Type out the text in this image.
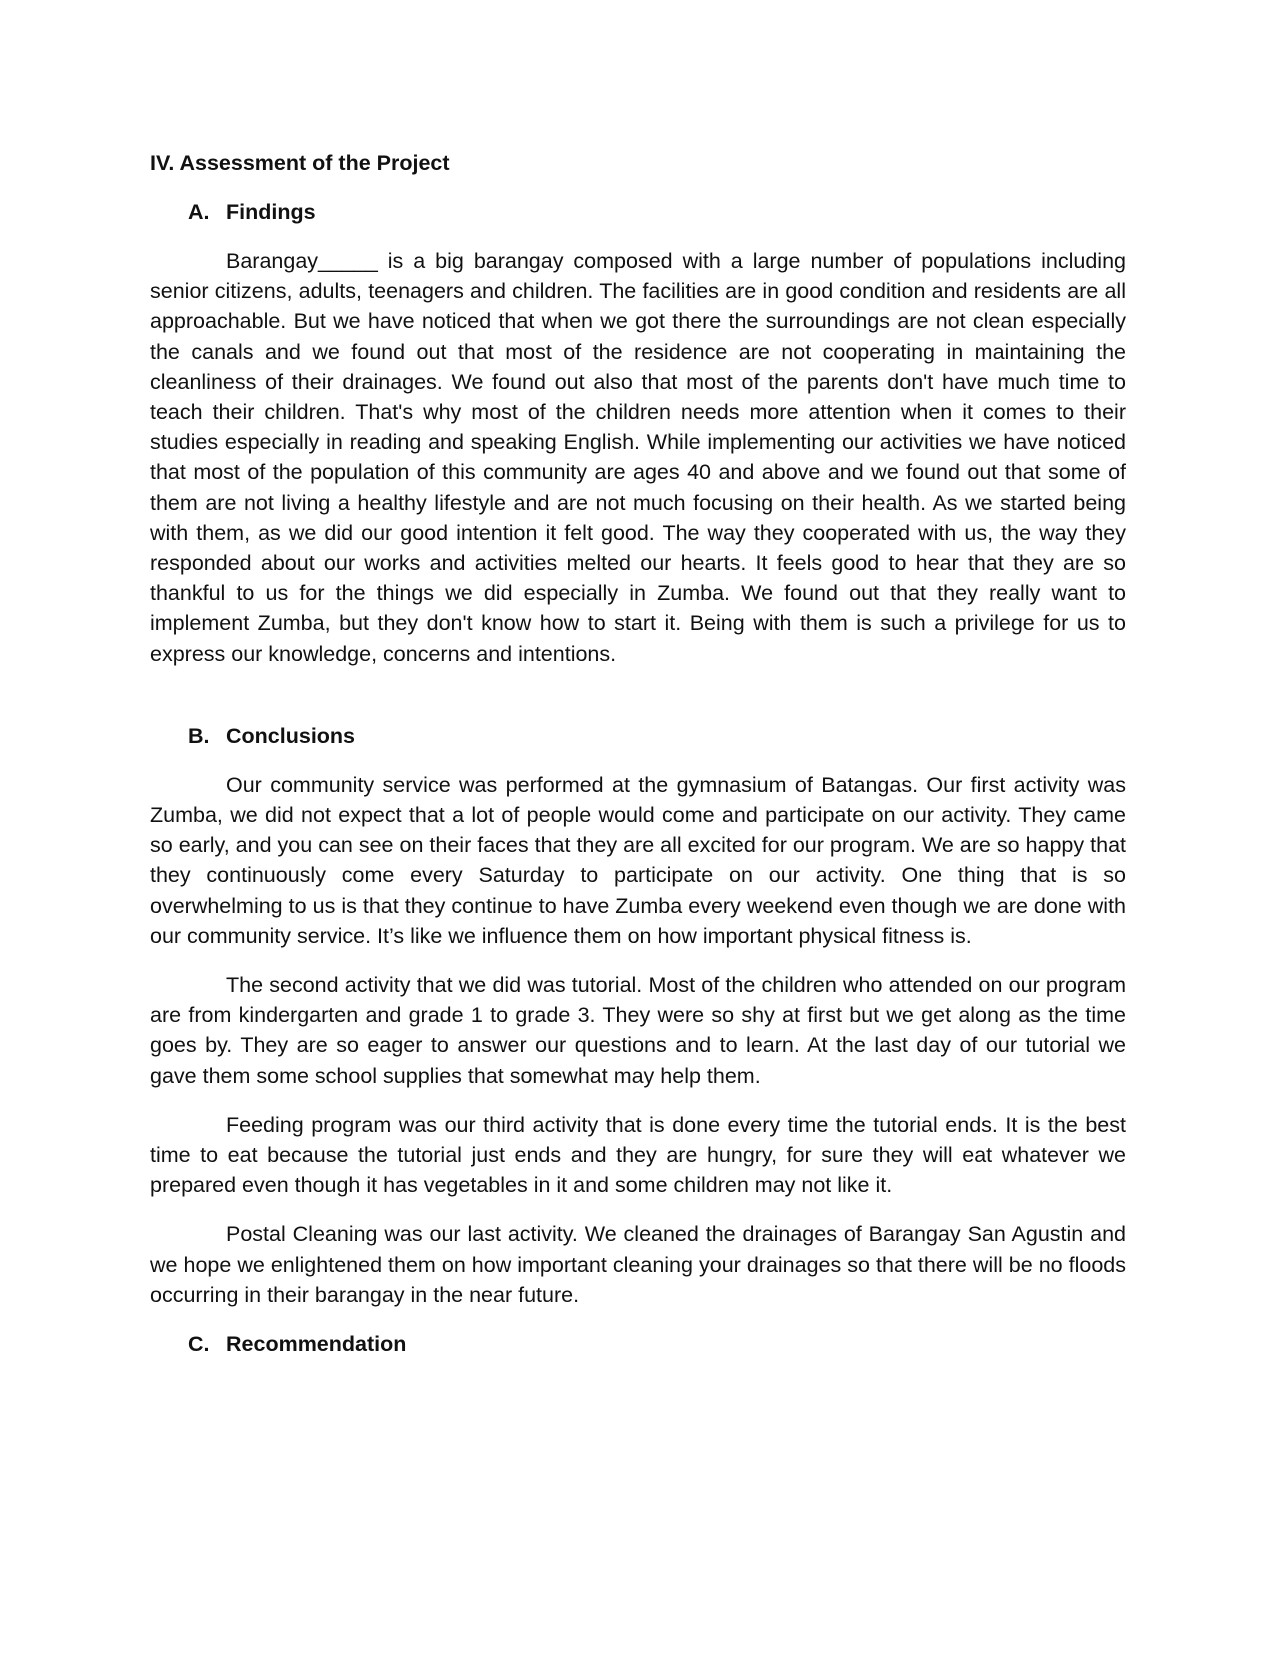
IV. Assessment of the Project
A. Findings

Barangay_____ is a big barangay composed with a large number of populations including senior citizens, adults, teenagers and children. The facilities are in good condition and residents are all approachable. But we have noticed that when we got there the surroundings are not clean especially the canals and we found out that most of the residence are not cooperating in maintaining the cleanliness of their drainages. We found out also that most of the parents don't have much time to teach their children. That's why most of the children needs more attention when it comes to their studies especially in reading and speaking English. While implementing our activities we have noticed that most of the population of this community are ages 40 and above and we found out that some of them are not living a healthy lifestyle and are not much focusing on their health. As we started being with them, as we did our good intention it felt good. The way they cooperated with us, the way they responded about our works and activities melted our hearts. It feels good to hear that they are so thankful to us for the things we did especially in Zumba. We found out that they really want to implement Zumba, but they don't know how to start it. Being with them is such a privilege for us to express our knowledge, concerns and intentions.

B. Conclusions

Our community service was performed at the gymnasium of Batangas. Our first activity was Zumba, we did not expect that a lot of people would come and participate on our activity. They came so early, and you can see on their faces that they are all excited for our program. We are so happy that they continuously come every Saturday to participate on our activity. One thing that is so overwhelming to us is that they continue to have Zumba every weekend even though we are done with our community service. It’s like we influence them on how important physical fitness is.

The second activity that we did was tutorial. Most of the children who attended on our program are from kindergarten and grade 1 to grade 3. They were so shy at first but we get along as the time goes by. They are so eager to answer our questions and to learn. At the last day of our tutorial we gave them some school supplies that somewhat may help them.

Feeding program was our third activity that is done every time the tutorial ends. It is the best time to eat because the tutorial just ends and they are hungry, for sure they will eat whatever we prepared even though it has vegetables in it and some children may not like it.

Postal Cleaning was our last activity. We cleaned the drainages of Barangay San Agustin and we hope we enlightened them on how important cleaning your drainages so that there will be no floods occurring in their barangay in the near future.

C. Recommendation
